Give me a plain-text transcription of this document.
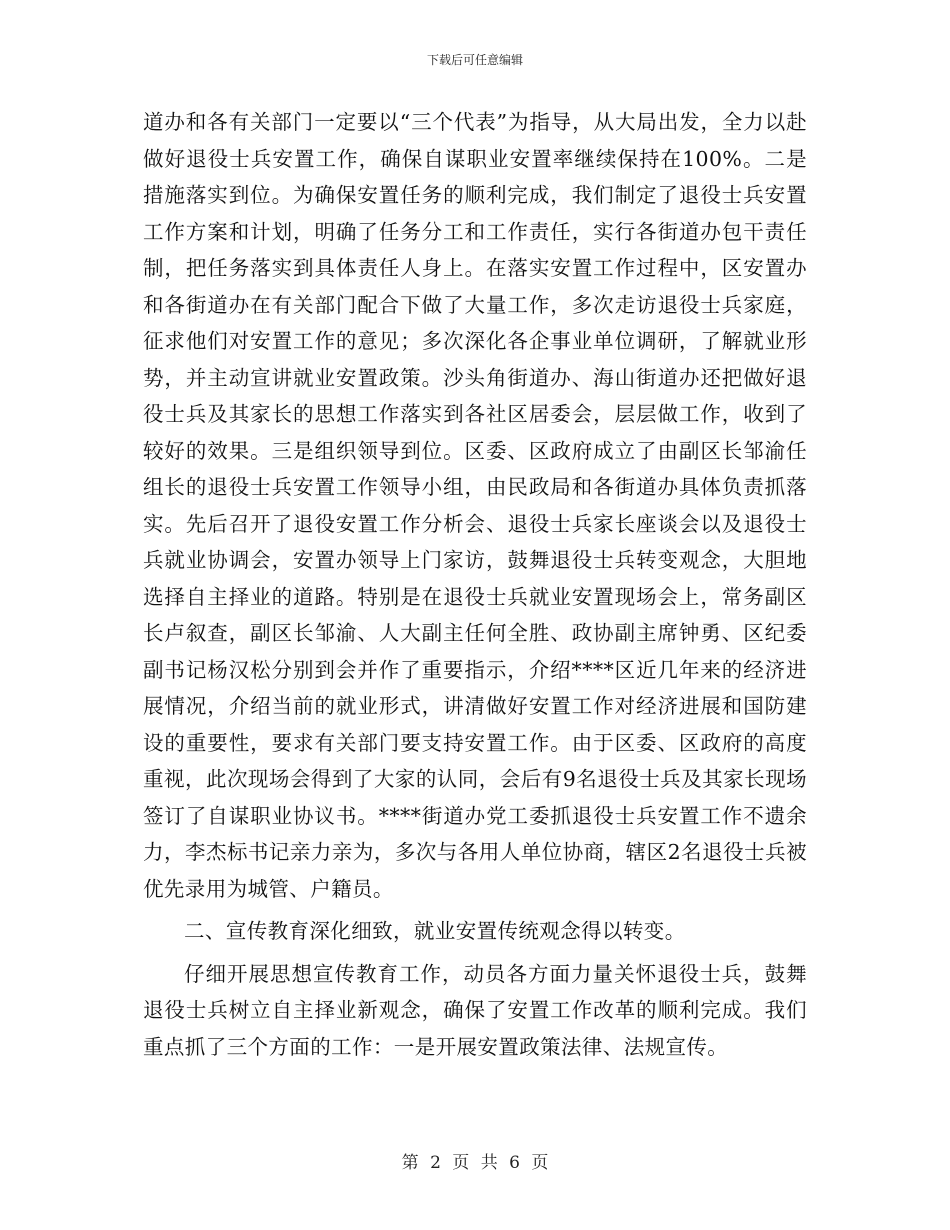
下载后可任意编辑

道办和各有关部门一定要以“三个代表”为指导，从大局出发，全力以赴做好退役士兵安置工作，确保自谋职业安置率继续保持在100%。二是措施落实到位。为确保安置任务的顺利完成，我们制定了退役士兵安置工作方案和计划，明确了任务分工和工作责任，实行各街道办包干责任制，把任务落实到具体责任人身上。在落实安置工作过程中，区安置办和各街道办在有关部门配合下做了大量工作，多次走访退役士兵家庭，征求他们对安置工作的意见；多次深化各企事业单位调研，了解就业形势，并主动宣讲就业安置政策。沙头角街道办、海山街道办还把做好退役士兵及其家长的思想工作落实到各社区居委会，层层做工作，收到了较好的效果。三是组织领导到位。区委、区政府成立了由副区长邹渝任组长的退役士兵安置工作领导小组，由民政局和各街道办具体负责抓落实。先后召开了退役安置工作分析会、退役士兵家长座谈会以及退役士兵就业协调会，安置办领导上门家访，鼓舞退役士兵转变观念，大胆地选择自主择业的道路。特别是在退役士兵就业安置现场会上，常务副区长卢叙查，副区长邹渝、人大副主任何全胜、政协副主席钟勇、区纪委副书记杨汉松分别到会并作了重要指示，介绍****区近几年来的经济进展情况，介绍当前的就业形式，讲清做好安置工作对经济进展和国防建设的重要性，要求有关部门要支持安置工作。由于区委、区政府的高度重视，此次现场会得到了大家的认同，会后有9名退役士兵及其家长现场签订了自谋职业协议书。****街道办党工委抓退役士兵安置工作不遗余力，李杰标书记亲力亲为，多次与各用人单位协商，辖区2名退役士兵被优先录用为城管、户籍员。

二、宣传教育深化细致，就业安置传统观念得以转变。

仔细开展思想宣传教育工作，动员各方面力量关怀退役士兵，鼓舞退役士兵树立自主择业新观念，确保了安置工作改革的顺利完成。我们重点抓了三个方面的工作：一是开展安置政策法律、法规宣传。

第 2 页 共 6 页
